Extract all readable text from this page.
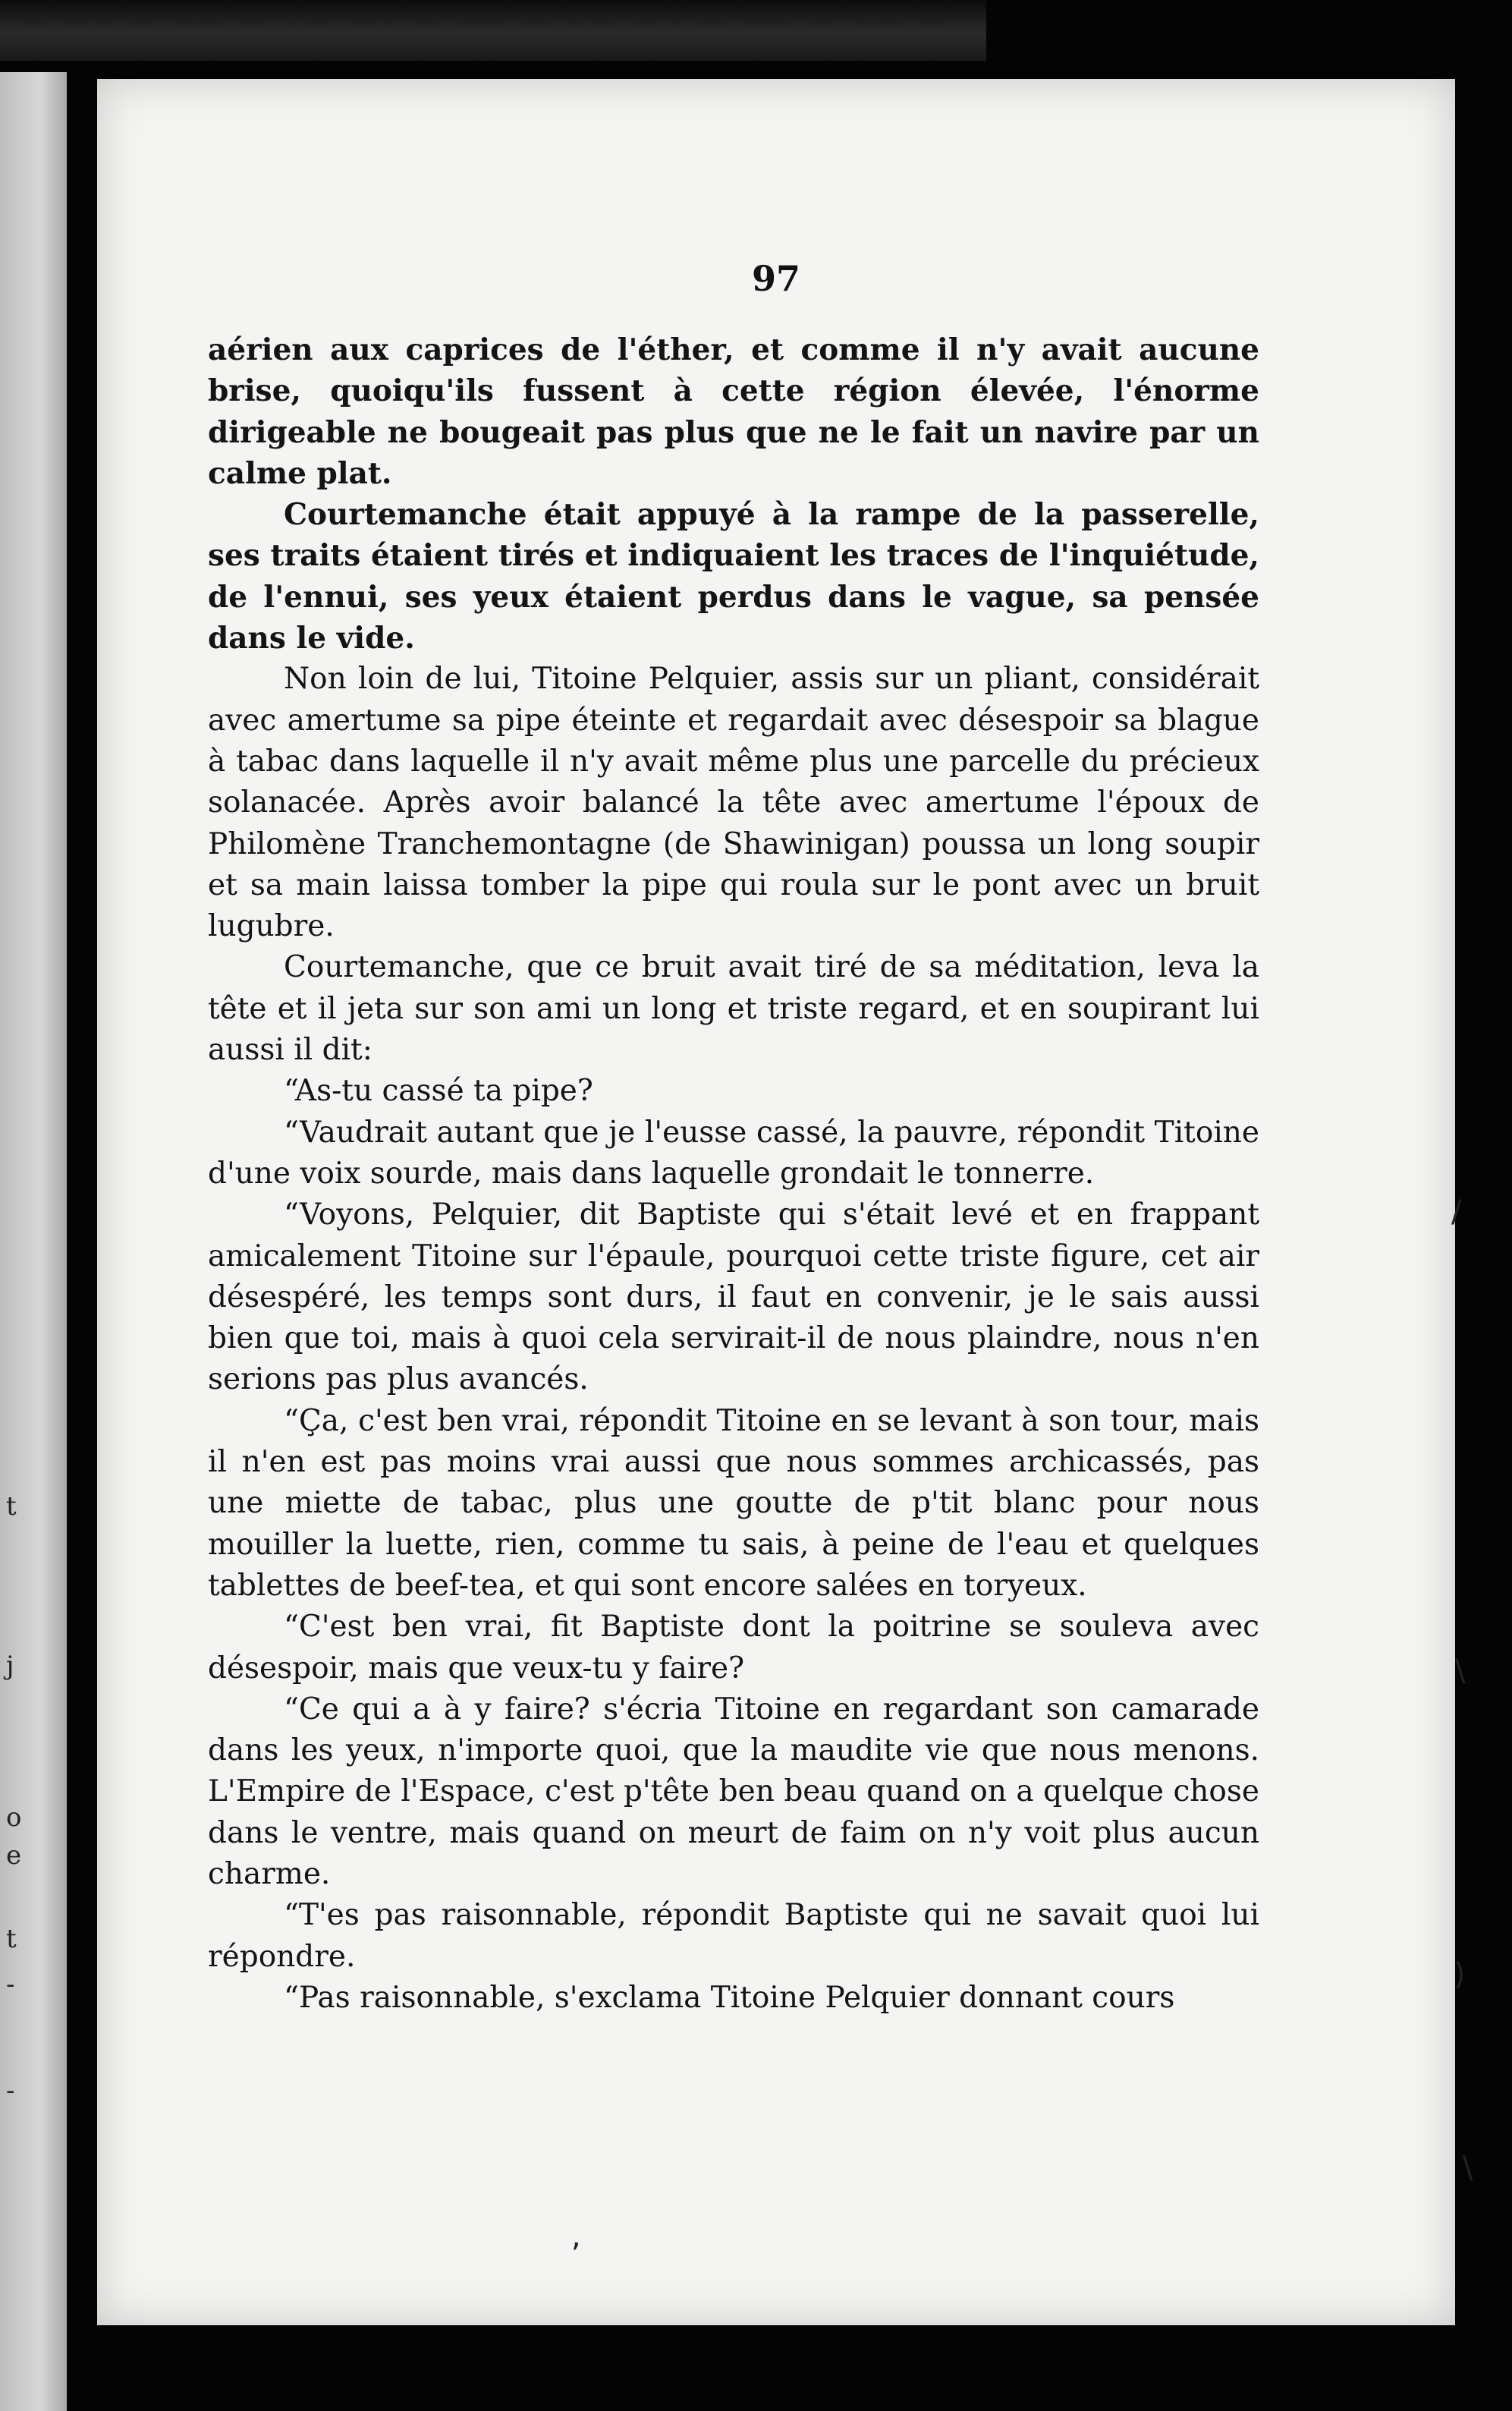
t
j
o
e
t
-
-
97

aérien aux caprices de l'éther, et comme il n'y avait aucune brise, quoiqu'ils fussent à cette région élevée, l'énorme dirigeable ne bougeait pas plus que ne le fait un navire par un calme plat.

Courtemanche était appuyé à la rampe de la passerelle, ses traits étaient tirés et indiquaient les traces de l'inquiétude, de l'ennui, ses yeux étaient perdus dans le vague, sa pensée dans le vide.

Non loin de lui, Titoine Pelquier, assis sur un pliant, considérait avec amertume sa pipe éteinte et regardait avec désespoir sa blague à tabac dans laquelle il n'y avait même plus une parcelle du précieux solanacée. Après avoir balancé la tête avec amertume l'époux de Philomène Tranchemontagne (de Shawinigan) poussa un long soupir et sa main laissa tomber la pipe qui roula sur le pont avec un bruit lugubre.

Courtemanche, que ce bruit avait tiré de sa méditation, leva la tête et il jeta sur son ami un long et triste regard, et en soupirant lui aussi il dit:

“As-tu cassé ta pipe?

“Vaudrait autant que je l'eusse cassé, la pauvre, répondit Titoine d'une voix sourde, mais dans laquelle grondait le tonnerre.

“Voyons, Pelquier, dit Baptiste qui s'était levé et en frappant amicalement Titoine sur l'épaule, pourquoi cette triste figure, cet air désespéré, les temps sont durs, il faut en convenir, je le sais aussi bien que toi, mais à quoi cela servirait-il de nous plaindre, nous n'en serions pas plus avancés.

“Ça, c'est ben vrai, répondit Titoine en se levant à son tour, mais il n'en est pas moins vrai aussi que nous sommes archicassés, pas une miette de tabac, plus une goutte de p'tit blanc pour nous mouiller la luette, rien, comme tu sais, à peine de l'eau et quelques tablettes de beef-tea, et qui sont encore salées en toryeux.

“C'est ben vrai, fit Baptiste dont la poitrine se souleva avec désespoir, mais que veux-tu y faire?

“Ce qui a à y faire? s'écria Titoine en regardant son camarade dans les yeux, n'importe quoi, que la maudite vie que nous menons. L'Empire de l'Espace, c'est p'tête ben beau quand on a quelque chose dans le ventre, mais quand on meurt de faim on n'y voit plus aucun charme.

“T'es pas raisonnable, répondit Baptiste qui ne savait quoi lui répondre.

“Pas raisonnable, s'exclama Titoine Pelquier donnant cours

/
\
)
\
,
